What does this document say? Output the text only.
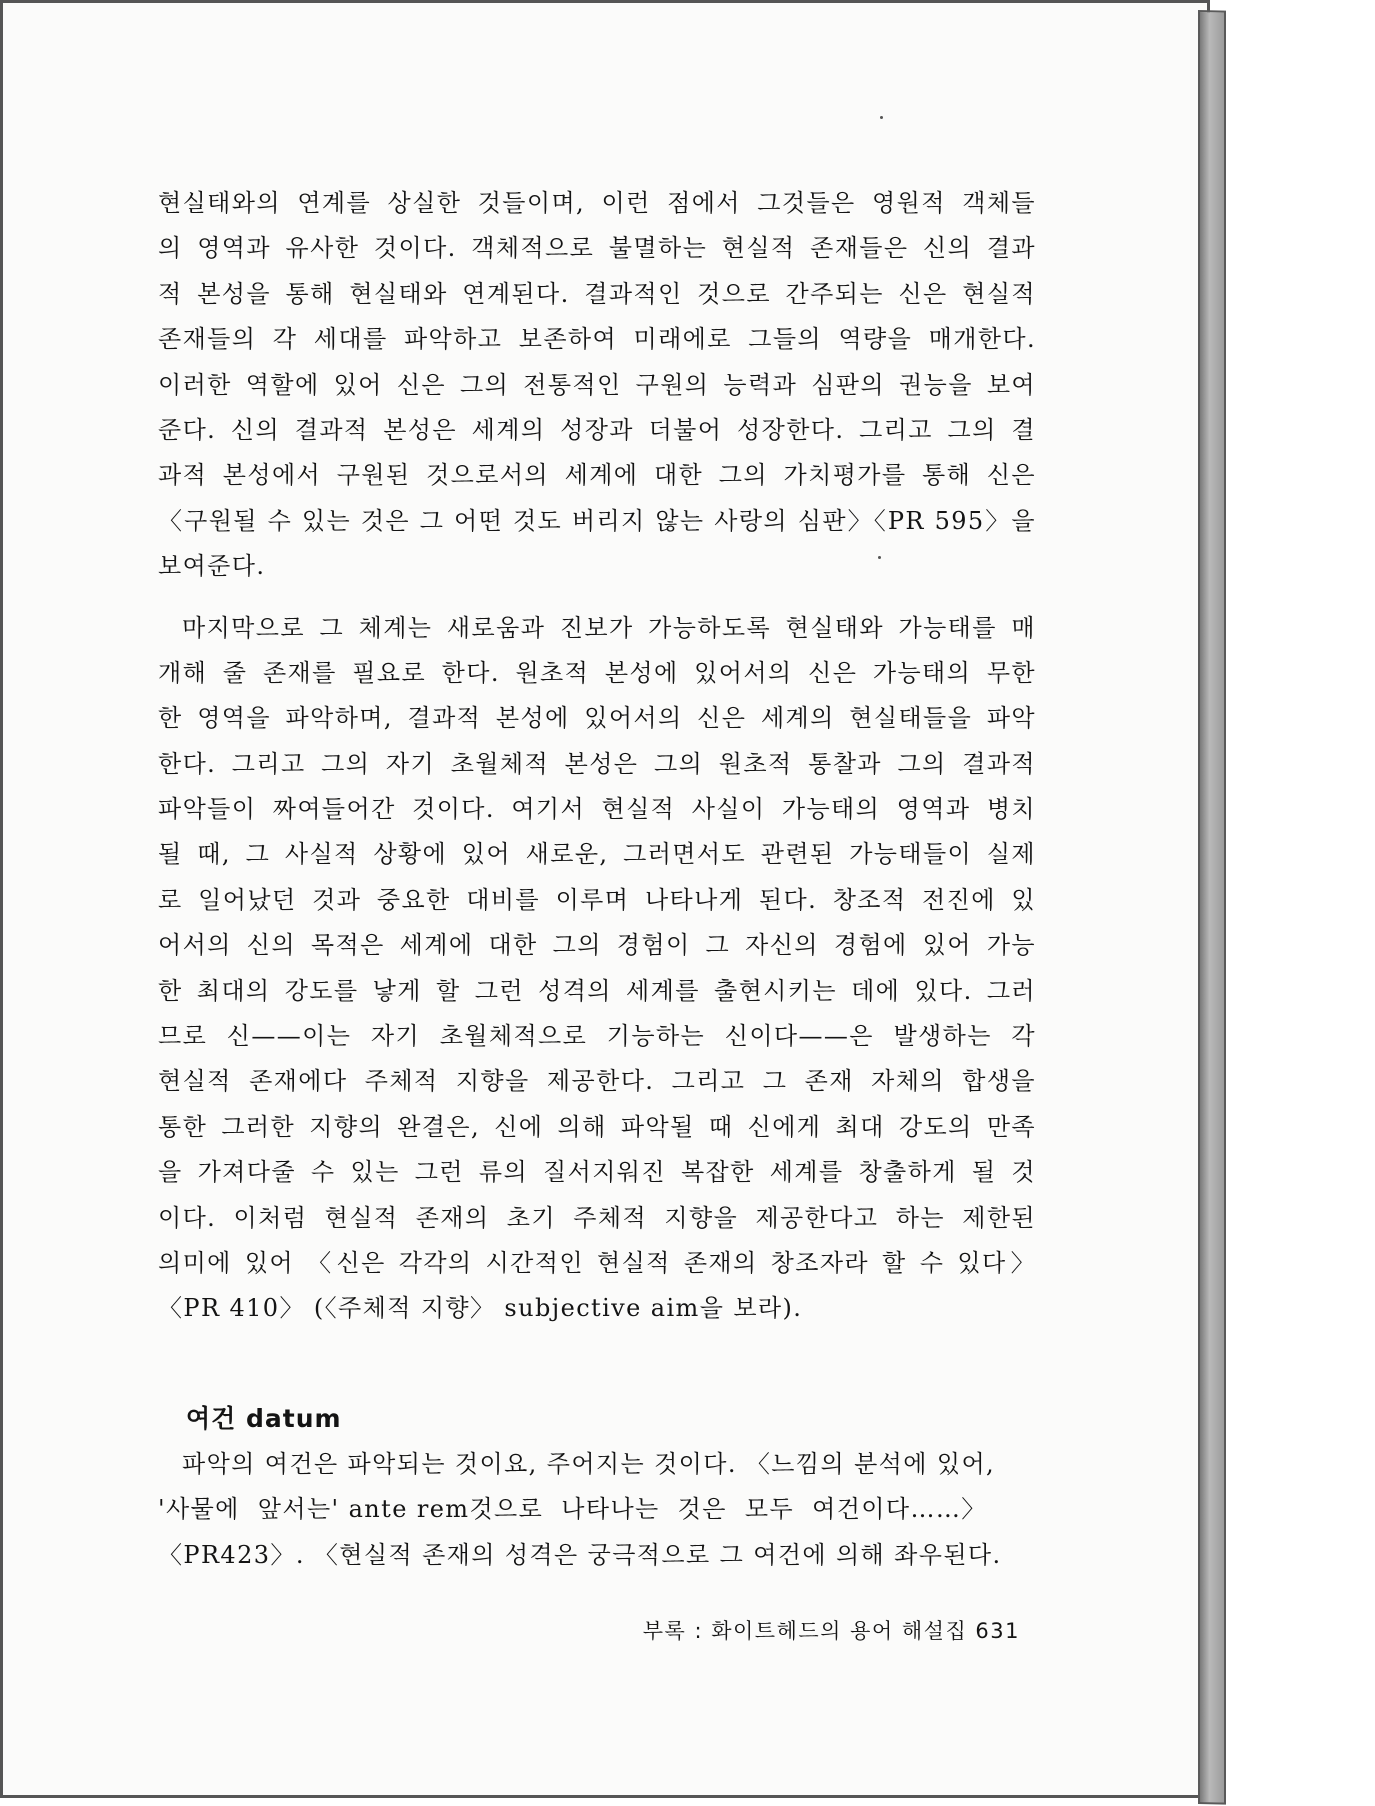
현실태와의 연계를 상실한 것들이며, 이런 점에서 그것들은 영원적 객체들
의 영역과 유사한 것이다. 객체적으로 불멸하는 현실적 존재들은 신의 결과
적 본성을 통해 현실태와 연계된다. 결과적인 것으로 간주되는 신은 현실적
존재들의 각 세대를 파악하고 보존하여 미래에로 그들의 역량을 매개한다.
이러한 역할에 있어 신은 그의 전통적인 구원의 능력과 심판의 권능을 보여
준다. 신의 결과적 본성은 세계의 성장과 더불어 성장한다. 그리고 그의 결
과적 본성에서 구원된 것으로서의 세계에 대한 그의 가치평가를 통해 신은
〈구원될 수 있는 것은 그 어떤 것도 버리지 않는 사랑의 심판〉〈PR 595〉을
보여준다.
마지막으로 그 체계는 새로움과 진보가 가능하도록 현실태와 가능태를 매
개해 줄 존재를 필요로 한다. 원초적 본성에 있어서의 신은 가능태의 무한
한 영역을 파악하며, 결과적 본성에 있어서의 신은 세계의 현실태들을 파악
한다. 그리고 그의 자기 초월체적 본성은 그의 원초적 통찰과 그의 결과적
파악들이 짜여들어간 것이다. 여기서 현실적 사실이 가능태의 영역과 병치
될 때, 그 사실적 상황에 있어 새로운, 그러면서도 관련된 가능태들이 실제
로 일어났던 것과 중요한 대비를 이루며 나타나게 된다. 창조적 전진에 있
어서의 신의 목적은 세계에 대한 그의 경험이 그 자신의 경험에 있어 가능
한 최대의 강도를 낳게 할 그런 성격의 세계를 출현시키는 데에 있다. 그러
므로 신——이는 자기 초월체적으로 기능하는 신이다——은 발생하는 각
현실적 존재에다 주체적 지향을 제공한다. 그리고 그 존재 자체의 합생을
통한 그러한 지향의 완결은, 신에 의해 파악될 때 신에게 최대 강도의 만족
을 가져다줄 수 있는 그런 류의 질서지워진 복잡한 세계를 창출하게 될 것
이다. 이처럼 현실적 존재의 초기 주체적 지향을 제공한다고 하는 제한된
의미에 있어 〈신은 각각의 시간적인 현실적 존재의 창조자라 할 수 있다〉
〈PR 410〉 (〈주체적 지향〉 subjective aim을 보라).
여건 datum
파악의 여건은 파악되는 것이요, 주어지는 것이다. 〈느낌의 분석에 있어,
'사물에  앞서는' ante rem것으로  나타나는  것은  모두  여건이다……〉
〈PR423〉. 〈현실적 존재의 성격은 궁극적으로 그 여건에 의해 좌우된다.
부록 : 화이트헤드의 용어 해설집 631
